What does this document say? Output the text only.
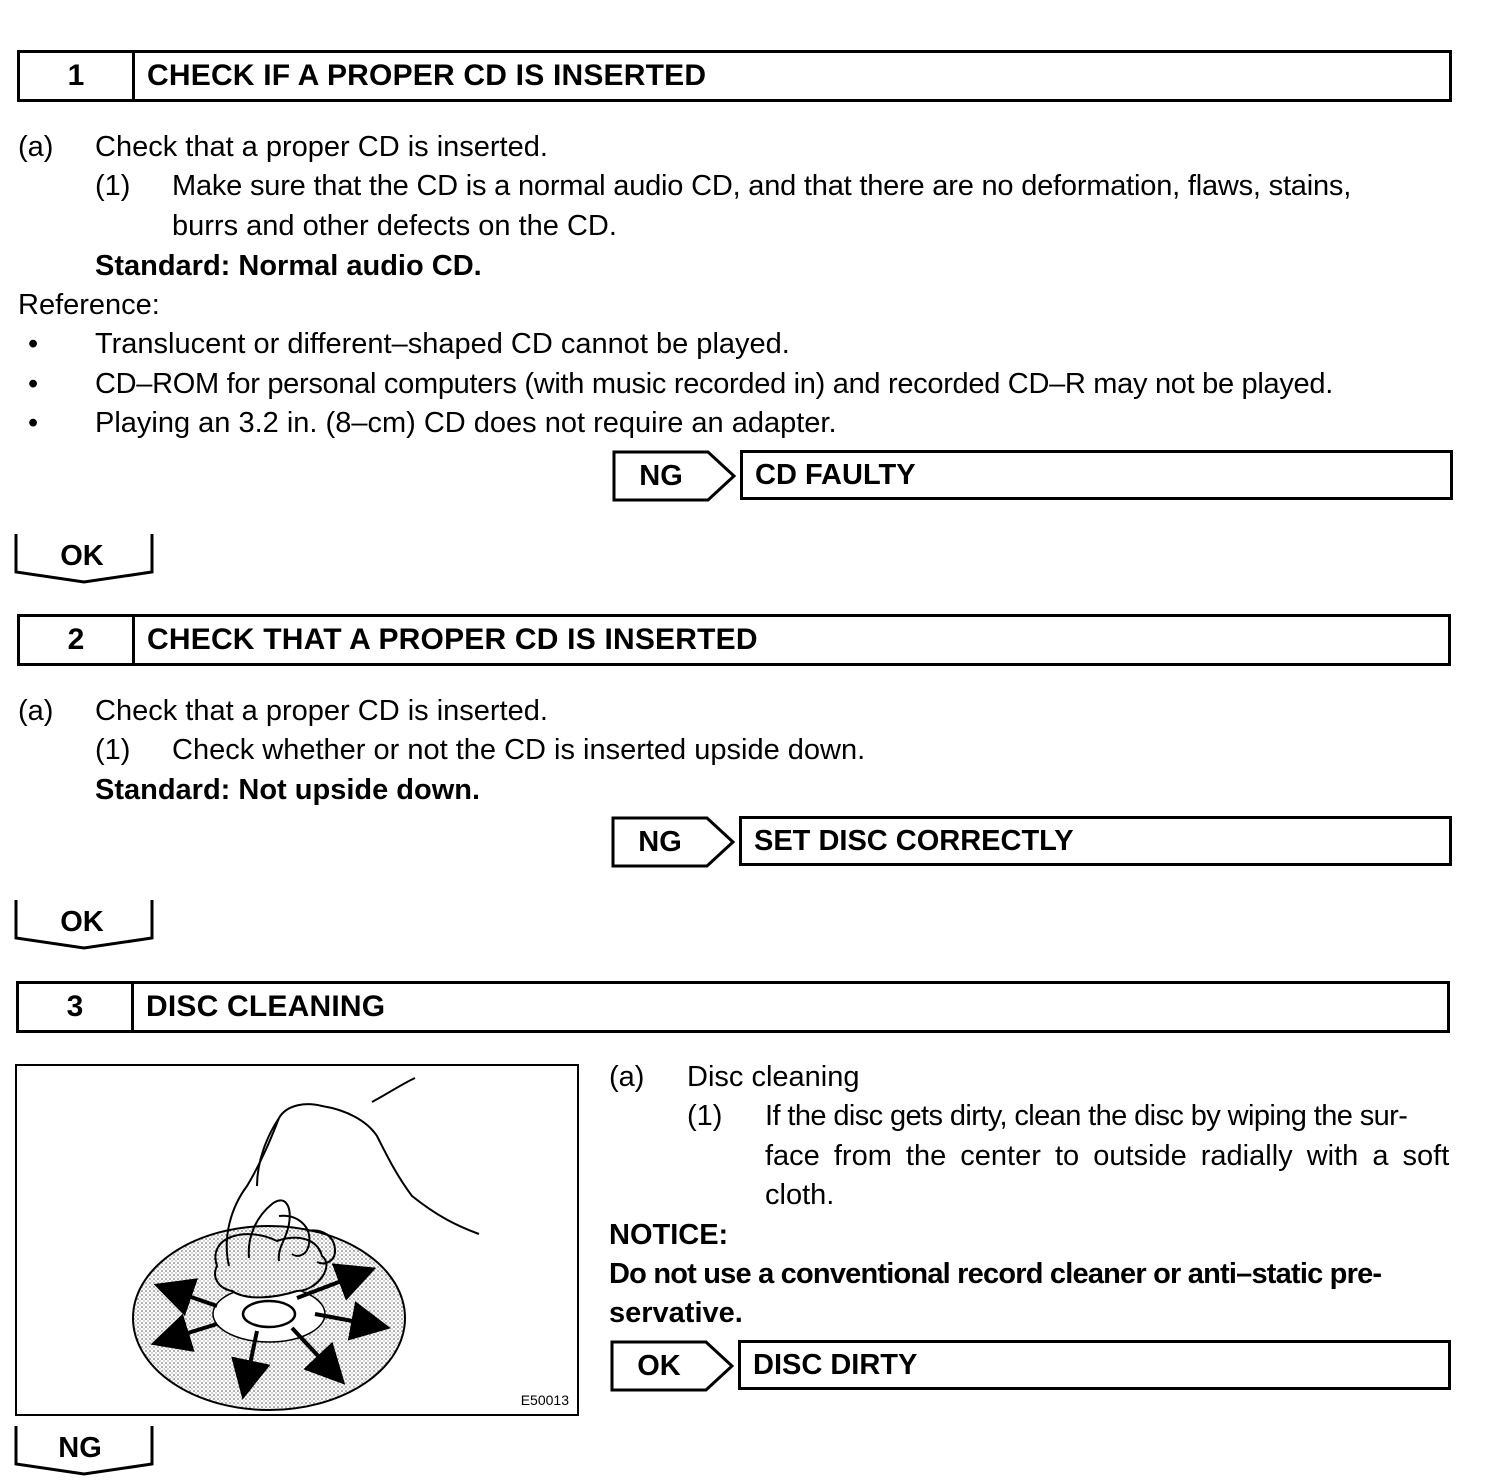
1	CHECK IF A PROPER CD IS INSERTED
(a) Check that a proper CD is inserted.
(1) Make sure that the CD is a normal audio CD, and that there are no deformation, flaws, stains,
burrs and other defects on the CD.
Standard: Normal audio CD.
Reference:
• Translucent or different–shaped CD cannot be played.
• CD–ROM for personal computers (with music recorded in) and recorded CD–R may not be played.
• Playing an 3.2 in. (8–cm) CD does not require an adapter.
NG	CD FAULTY
OK
2	CHECK THAT A PROPER CD IS INSERTED
(a) Check that a proper CD is inserted.
(1) Check whether or not the CD is inserted upside down.
Standard: Not upside down.
NG	SET DISC CORRECTLY
OK
3	DISC CLEANING
E50013
(a) Disc cleaning
(1) If the disc gets dirty, clean the disc by wiping the sur-
face from the center to outside radially with a soft
cloth.
NOTICE:
Do not use a conventional record cleaner or anti–static pre-
servative.
OK	DISC DIRTY
NG
